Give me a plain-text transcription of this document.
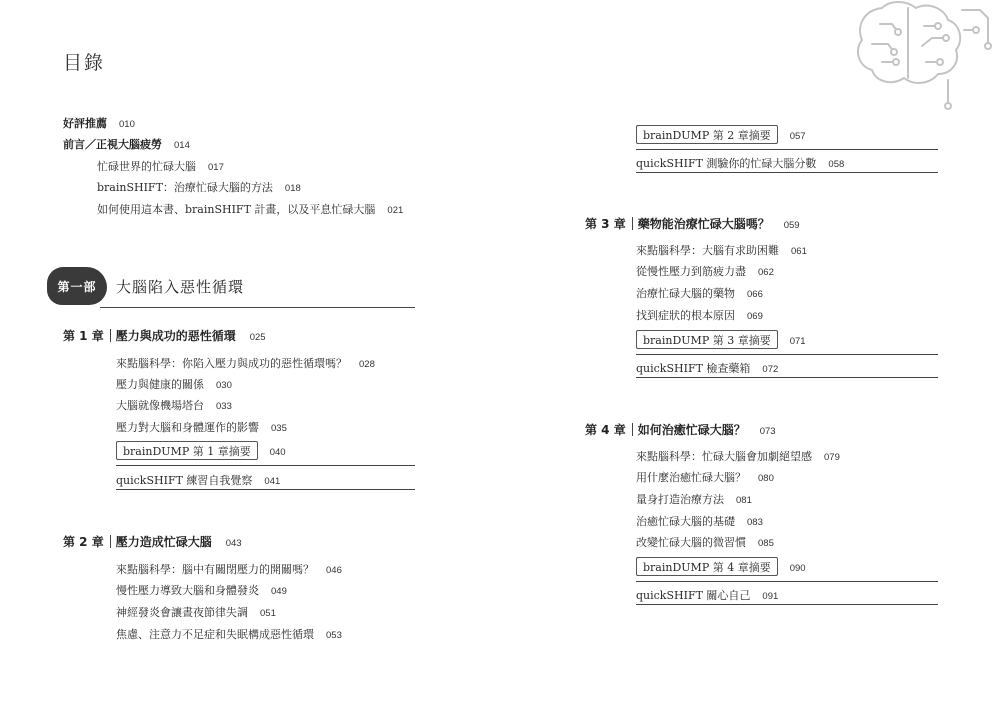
目錄
好評推薦 010
前言／正視大腦疲勞 014
忙碌世界的忙碌大腦 017
brainSHIFT：治療忙碌大腦的方法 018
如何使用這本書、brainSHIFT 計畫，以及平息忙碌大腦 021
第一部	大腦陷入惡性循環
第 1 章 壓力與成功的惡性循環 025
來點腦科學：你陷入壓力與成功的惡性循環嗎？ 028
壓力與健康的關係 030
大腦就像機場塔台 033
壓力對大腦和身體運作的影響 035
brainDUMP 第 1 章摘要 040
quickSHIFT 練習自我覺察 041
第 2 章 壓力造成忙碌大腦 043
來點腦科學：腦中有關閉壓力的開關嗎？ 046
慢性壓力導致大腦和身體發炎 049
神經發炎會讓晝夜節律失調 051
焦慮、注意力不足症和失眠構成惡性循環 053
brainDUMP 第 2 章摘要 057
quickSHIFT 測驗你的忙碌大腦分數 058
第 3 章 藥物能治療忙碌大腦嗎？ 059
來點腦科學：大腦有求助困難 061
從慢性壓力到筋疲力盡 062
治療忙碌大腦的藥物 066
找到症狀的根本原因 069
brainDUMP 第 3 章摘要 071
quickSHIFT 檢查藥箱 072
第 4 章 如何治癒忙碌大腦？ 073
來點腦科學：忙碌大腦會加劇絕望感 079
用什麼治癒忙碌大腦？ 080
量身打造治療方法 081
治癒忙碌大腦的基礎 083
改變忙碌大腦的微習慣 085
brainDUMP 第 4 章摘要 090
quickSHIFT 關心自己 091
